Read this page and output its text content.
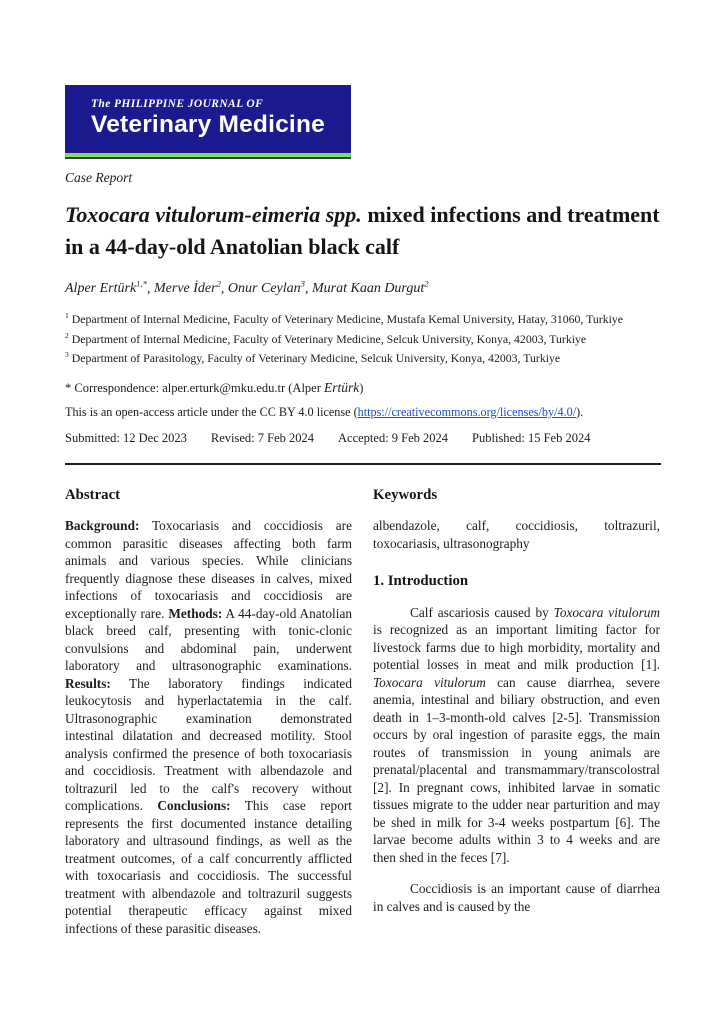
The PHILIPPINE JOURNAL OF
Veterinary Medicine
Case Report
Toxocara vitulorum-eimeria spp. mixed infections and treatment in a 44-day-old Anatolian black calf
Alper Ertürk$^{1,*}$, Merve İder$^2$, Onur Ceylan$^3$, Murat Kaan Durgut$^2$
$^1$ Department of Internal Medicine, Faculty of Veterinary Medicine, Mustafa Kemal University, Hatay, 31060, Turkiye
$^2$ Department of Internal Medicine, Faculty of Veterinary Medicine, Selcuk University, Konya, 42003, Turkiye
$^3$ Department of Parasitology, Faculty of Veterinary Medicine, Selcuk University, Konya, 42003, Turkiye
* Correspondence: alper.erturk@mku.edu.tr (Alper Ertürk)
This is an open-access article under the CC BY 4.0 license (https://creativecommons.org/licenses/by/4.0/).
Submitted: 12 Dec 2023 Revised: 7 Feb 2024 Accepted: 9 Feb 2024 Published: 15 Feb 2024
Abstract

Background: Toxocariasis and coccidiosis are common parasitic diseases affecting both farm animals and various species. While clinicians frequently diagnose these diseases in calves, mixed infections of toxocariasis and coccidiosis are exceptionally rare. Methods: A 44-day-old Anatolian black breed calf, presenting with tonic-clonic convulsions and abdominal pain, underwent laboratory and ultrasonographic examinations. Results: The laboratory findings indicated leukocytosis and hyperlactatemia in the calf. Ultrasonographic examination demonstrated intestinal dilatation and decreased motility. Stool analysis confirmed the presence of both toxocariasis and coccidiosis. Treatment with albendazole and toltrazuril led to the calf's recovery without complications. Conclusions: This case report represents the first documented instance detailing laboratory and ultrasound findings, as well as the treatment outcomes, of a calf concurrently afflicted with toxocariasis and coccidiosis. The successful treatment with albendazole and toltrazuril suggests potential therapeutic efficacy against mixed infections of these parasitic diseases.

Keywords

albendazole, calf, coccidiosis, toltrazuril, toxocariasis, ultrasonography

1. Introduction

Calf ascariosis caused by Toxocara vitulorum is recognized as an important limiting factor for livestock farms due to high morbidity, mortality and potential losses in meat and milk production [1]. Toxocara vitulorum can cause diarrhea, severe anemia, intestinal and biliary obstruction, and even death in 1–3-month-old calves [2-5]. Transmission occurs by oral ingestion of parasite eggs, the main routes of transmission in young animals are prenatal/placental and transmammary/transcolostral [2]. In pregnant cows, inhibited larvae in somatic tissues migrate to the udder near parturition and may be shed in milk for 3-4 weeks postpartum [6]. The larvae become adults within 3 to 4 weeks and are then shed in the feces [7].

Coccidiosis is an important cause of diarrhea in calves and is caused by the
